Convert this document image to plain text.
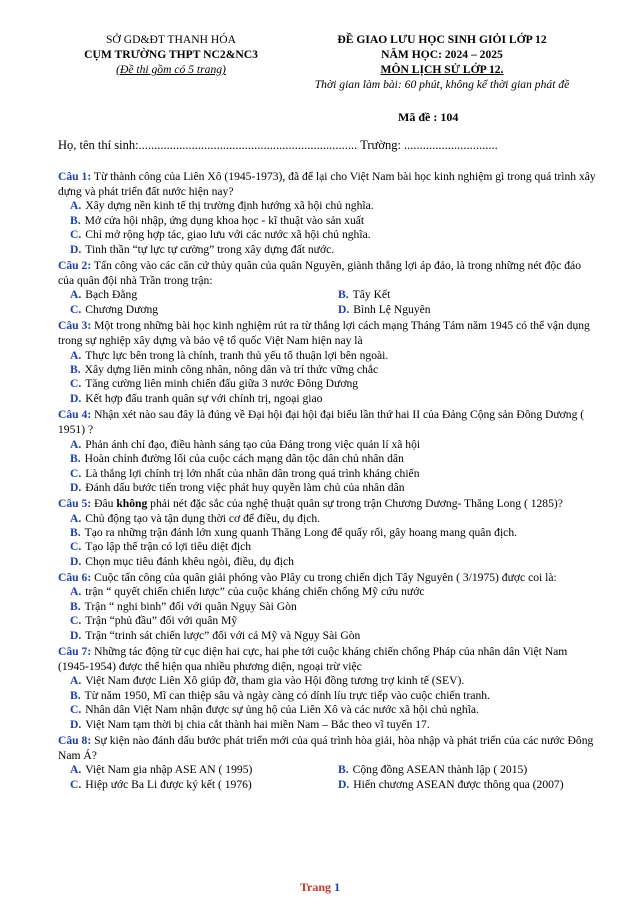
SỞ GD&ĐT THANH HÓA
CỤM TRƯỜNG THPT NC2&NC3
(Đề thi gồm có 5 trang)
ĐỀ GIAO LƯU HỌC SINH GIỎI LỚP 12
NĂM HỌC: 2024 – 2025
MÔN LỊCH SỬ LỚP 12.
Thời gian làm bài: 60 phút, không kể thời gian phát đề
Mã đề : 104
Họ, tên thí sinh:...................................................................... Trường: ..............................

Câu 1: Từ thành công của Liên Xô (1945-1973), đã để lại cho Việt Nam bài học kinh nghiệm gì trong quá trình xây dựng và phát triển đất nước hiện nay?

A. Xây dựng nền kinh tế thị trường định hướng xã hội chủ nghĩa.
B. Mở cửa hội nhập, ứng dụng khoa học - kĩ thuật vào sản xuất
C. Chỉ mở rộng hợp tác, giao lưu với các nước xã hội chủ nghĩa.
D. Tinh thần “tự lực tự cường” trong xây dựng đất nước.

Câu 2: Tấn công vào các căn cứ thủy quân của quân Nguyên, giành thắng lợi áp đảo, là trong những nét độc đáo của quân đội nhà Trần trong trận:

A. Bạch Đằng	B. Tây Kết
C. Chương Dương	D. Bình Lệ Nguyên

Câu 3: Một trong những bài học kinh nghiệm rút ra từ thắng lợi cách mạng Tháng Tám năm 1945 có thể vận dụng trong sự nghiệp xây dựng và bảo vệ tổ quốc Việt Nam hiện nay là

A. Thực lực bên trong là chính, tranh thủ yếu tố thuận lợi bên ngoài.
B. Xây dựng liên minh công nhân, nông dân và trí thức vững chắc
C. Tăng cường liên minh chiến đấu giữa 3 nước Đông Dương
D. Kết hợp đấu tranh quân sự với chính trị, ngoại giao

Câu 4: Nhận xét nào sau đây là đúng về Đại hội đại hội đại biểu lần thứ hai II của Đảng Cộng sản Đông Dương ( 1951) ?

A. Phản ánh chỉ đạo, điều hành sáng tạo của Đảng trong việc quản lí xã hội
B. Hoàn chỉnh đường lối của cuộc cách mạng dân tộc dân chủ nhân dân
C. Là thắng lợi chính trị lớn nhất của nhân dân trong quá trình kháng chiến
D. Đánh dấu bước tiến trong việc phát huy quyền làm chủ của nhân dân

Câu 5: Đâu không phải nét đặc sắc của nghệ thuật quân sự trong trận Chương Dương- Thăng Long ( 1285)?

A. Chủ động tạo và tận dụng thời cơ để điều, dụ địch.
B. Tạo ra những trận đánh lớn xung quanh Thăng Long để quấy rối, gây hoang mang quân địch.
C. Tạo lập thế trận có lợi tiêu diệt địch
D. Chọn mục tiêu đánh khêu ngòi, điều, dụ địch

Câu 6: Cuộc tấn công của quân giải phóng vào Plây cu trong chiến dịch Tây Nguyên ( 3/1975) được coi là:

A. trận “ quyết chiến chiến lược” của cuộc kháng chiến chống Mỹ cứu nước
B. Trận “ nghi binh” đối với quân Ngụy Sài Gòn
C. Trận “phủ đầu” đối với quân Mỹ
D. Trận “trinh sát chiến lược” đối với cả Mỹ và Ngụy Sài Gòn

Câu 7: Những tác động từ cục diện hai cực, hai phe tới cuộc kháng chiến chống Pháp của nhân dân Việt Nam (1945-1954) được thể hiện qua nhiều phương diện, ngoại trừ việc

A. Việt Nam được Liên Xô giúp đỡ, tham gia vào Hội đồng tương trợ kinh tế (SEV).
B. Từ năm 1950, Mĩ can thiệp sâu và ngày càng có dính líu trực tiếp vào cuộc chiến tranh.
C. Nhân dân Việt Nam nhận được sự ủng hộ của Liên Xô và các nước xã hội chủ nghĩa.
D. Việt Nam tạm thời bị chia cắt thành hai miền Nam – Bắc theo vĩ tuyến 17.

Câu 8: Sự kiện nào đánh dấu bước phát triển mới của quá trình hòa giải, hòa nhập và phát triển của các nước Đông Nam Á?

A. Việt Nam gia nhập ASE AN ( 1995)	B. Cộng đồng ASEAN thành lập ( 2015)
C. Hiệp ước Ba Li được ký kết ( 1976)	D. Hiến chương ASEAN được thông qua (2007)
Trang 1
